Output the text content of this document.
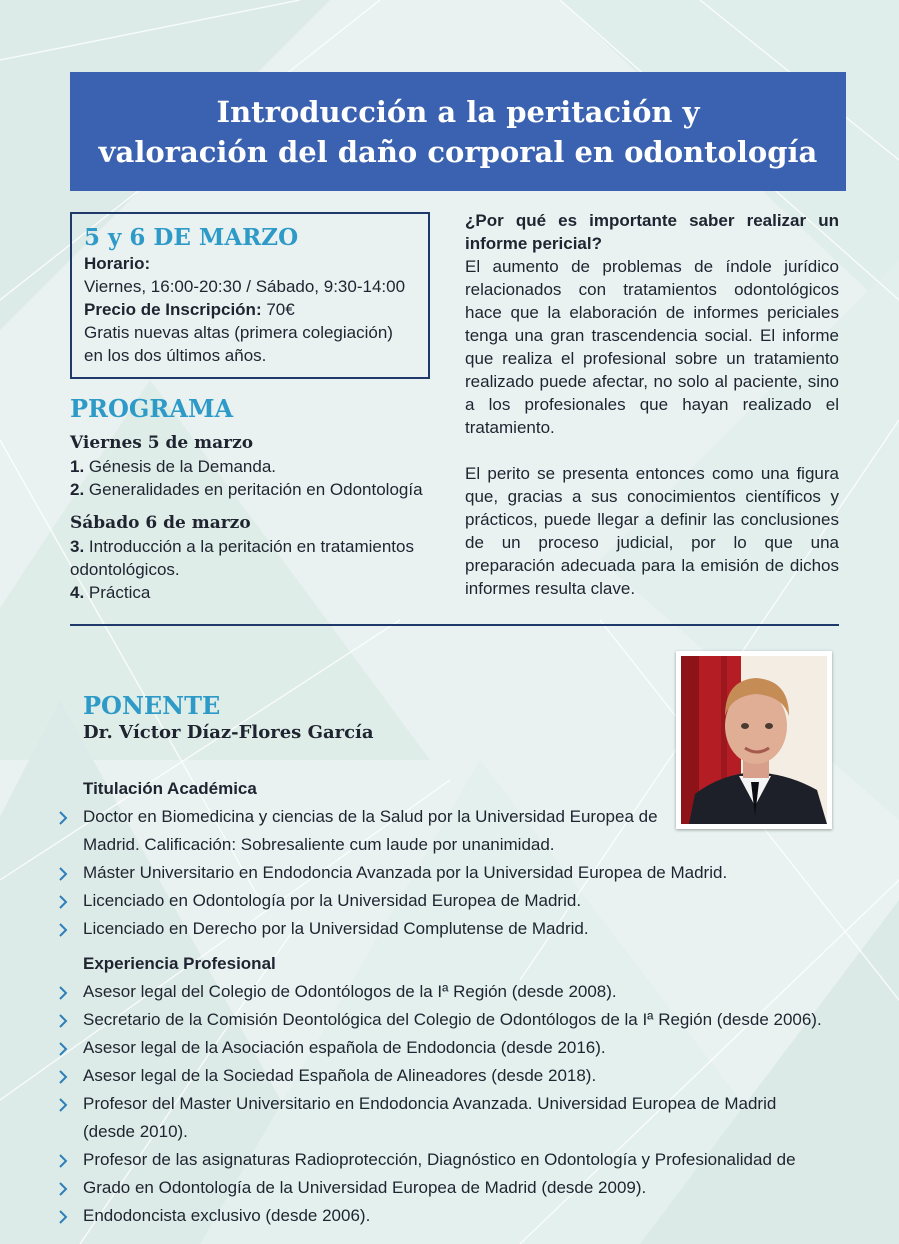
Introducción a la peritación y
valoración del daño corporal en odontología
5 y 6 DE MARZO
Horario:
Viernes, 16:00-20:30 / Sábado, 9:30-14:00
Precio de Inscripción: 70€
Gratis nuevas altas (primera colegiación)
en los dos últimos años.
PROGRAMA
Viernes 5 de marzo
1. Génesis de la Demanda.
2. Generalidades en peritación en Odontología
Sábado 6 de marzo
3. Introducción a la peritación en tratamientos odontológicos.
4. Práctica
¿Por qué es importante saber realizar un informe pericial?

El aumento de problemas de índole jurídico relacionados con tratamientos odontológicos hace que la elaboración de informes periciales tenga una gran trascendencia social. El informe que realiza el profesional sobre un tratamiento realizado puede afectar, no solo al paciente, sino a los profesionales que hayan realizado el tratamiento.

El perito se presenta entonces como una figura que, gracias a sus conocimientos científicos y prácticos, puede llegar a definir las conclusiones de un proceso judicial, por lo que una preparación adecuada para la emisión de dichos informes resulta clave.

PONENTE
Dr. Víctor Díaz-Flores García
Titulación Académica
Doctor en Biomedicina y ciencias de la Salud por la Universidad Europea de
Madrid. Calificación: Sobresaliente cum laude por unanimidad.
Máster Universitario en Endodoncia Avanzada por la Universidad Europea de Madrid.
Licenciado en Odontología por la Universidad Europea de Madrid.
Licenciado en Derecho por la Universidad Complutense de Madrid.
Experiencia Profesional
Asesor legal del Colegio de Odontólogos de la Iª Región (desde 2008).
Secretario de la Comisión Deontológica del Colegio de Odontólogos de la Iª Región (desde 2006).
Asesor legal de la Asociación española de Endodoncia (desde 2016).
Asesor legal de la Sociedad Española de Alineadores (desde 2018).
Profesor del Master Universitario en Endodoncia Avanzada. Universidad Europea de Madrid
(desde 2010).
Profesor de las asignaturas Radioprotección, Diagnóstico en Odontología y Profesionalidad de
Grado en Odontología de la Universidad Europea de Madrid (desde 2009).
Endodoncista exclusivo (desde 2006).
